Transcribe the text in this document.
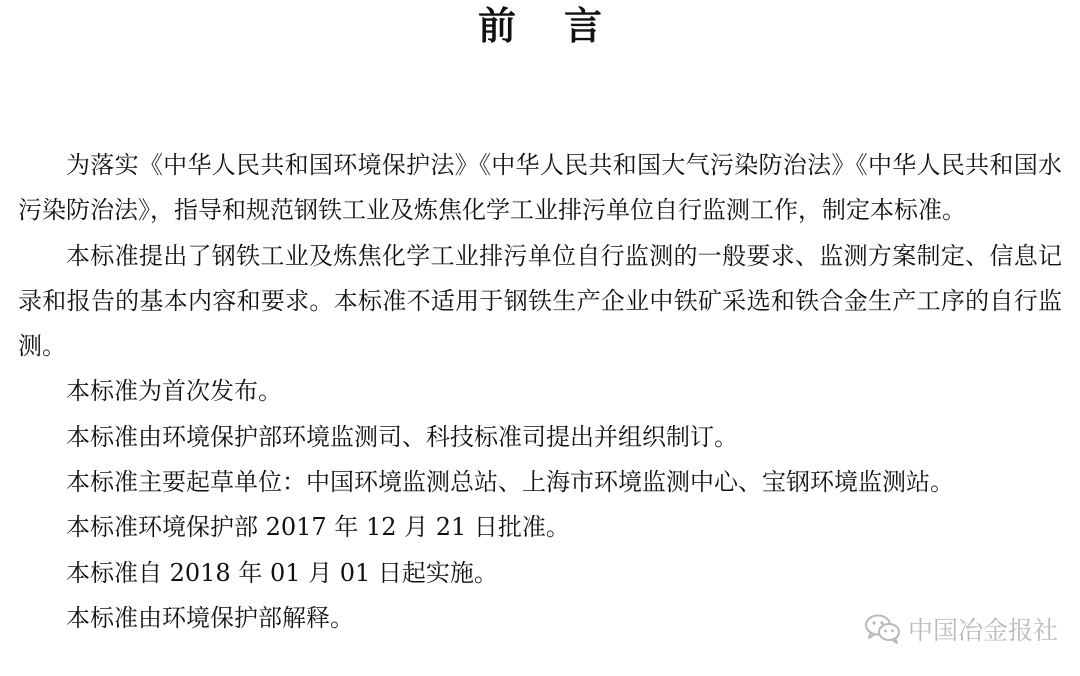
前言

为落实《中华人民共和国环境保护法》《中华人民共和国大气污染防治法》《中华人民共和国水污染防治法》，指导和规范钢铁工业及炼焦化学工业排污单位自行监测工作，制定本标准。

本标准提出了钢铁工业及炼焦化学工业排污单位自行监测的一般要求、监测方案制定、信息记录和报告的基本内容和要求。本标准不适用于钢铁生产企业中铁矿采选和铁合金生产工序的自行监测。

本标准为首次发布。

本标准由环境保护部环境监测司、科技标准司提出并组织制订。

本标准主要起草单位：中国环境监测总站、上海市环境监测中心、宝钢环境监测站。

本标准环境保护部 2017 年 12 月 21 日批准。

本标准自 2018 年 01 月 01 日起实施。

本标准由环境保护部解释。	中国冶金报社
